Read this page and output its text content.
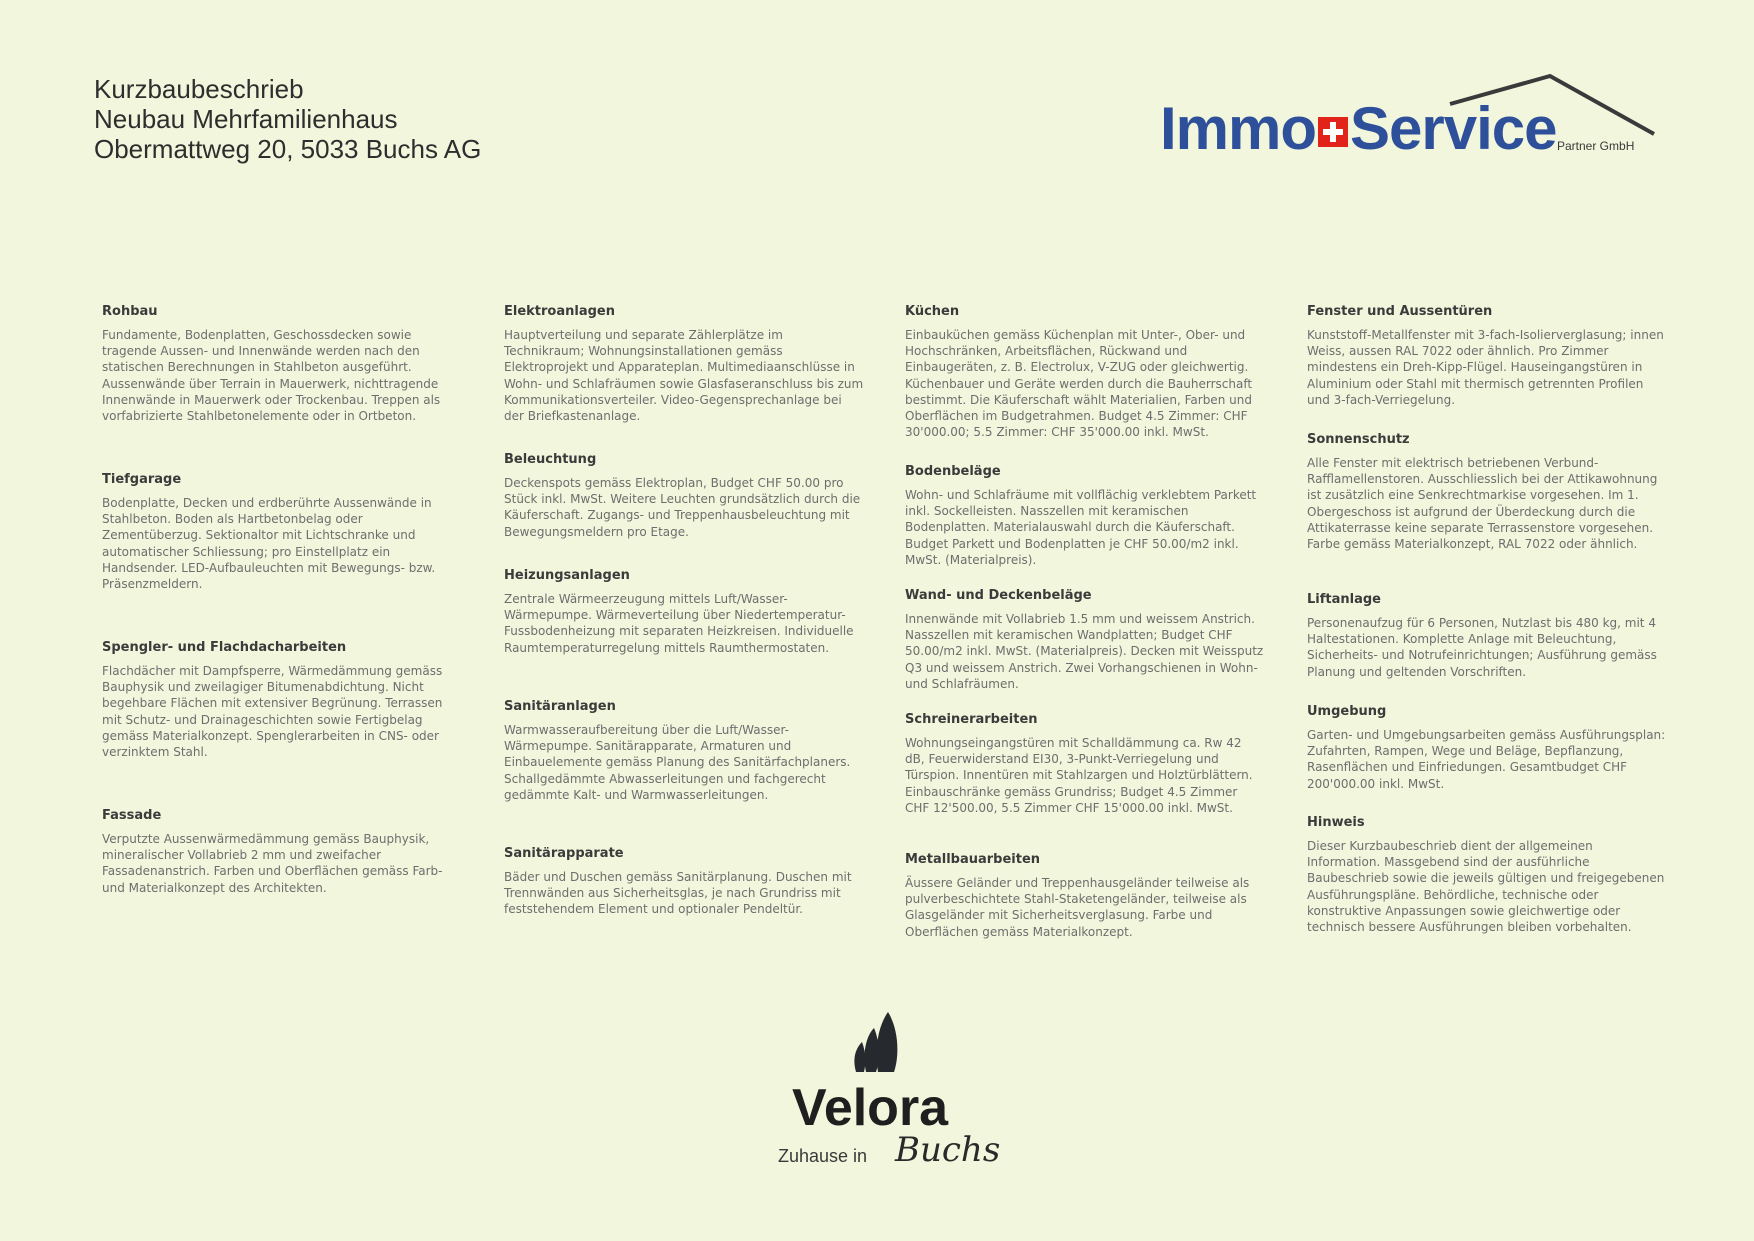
Kurzbaubeschrieb
Neubau Mehrfamilienhaus
Obermattweg 20, 5033 Buchs AG	Immo Service Partner GmbH
Rohbau

Fundamente, Bodenplatten, Geschossdecken sowie tragende Aussen- und Innenwände werden nach den statischen Berechnungen in Stahlbeton ausgeführt. Aussenwände über Terrain in Mauerwerk, nichttragende Innenwände in Mauerwerk oder Trockenbau. Treppen als vorfabrizierte Stahlbetonelemente oder in Ortbeton.

Tiefgarage

Bodenplatte, Decken und erdberührte Aussenwände in Stahlbeton. Boden als Hartbetonbelag oder Zementüberzug. Sektionaltor mit Lichtschranke und automatischer Schliessung; pro Einstellplatz ein Handsender. LED-Aufbauleuchten mit Bewegungs- bzw. Präsenzmeldern.

Spengler- und Flachdacharbeiten

Flachdächer mit Dampfsperre, Wärmedämmung gemäss Bauphysik und zweilagiger Bitumenabdichtung. Nicht begehbare Flächen mit extensiver Begrünung. Terrassen mit Schutz- und Drainageschichten sowie Fertigbelag gemäss Materialkonzept. Spenglerarbeiten in CNS- oder verzinktem Stahl.

Fassade

Verputzte Aussenwärmedämmung gemäss Bauphysik, mineralischer Vollabrieb 2 mm und zweifacher Fassadenanstrich. Farben und Oberflächen gemäss Farb- und Materialkonzept des Architekten.

Elektroanlagen

Hauptverteilung und separate Zählerplätze im Technikraum; Wohnungsinstallationen gemäss Elektroprojekt und Apparateplan. Multimediaanschlüsse in Wohn- und Schlafräumen sowie Glasfaseranschluss bis zum Kommunikationsverteiler. Video-Gegensprechanlage bei der Briefkastenanlage.

Beleuchtung

Deckenspots gemäss Elektroplan, Budget CHF 50.00 pro Stück inkl. MwSt. Weitere Leuchten grundsätzlich durch die Käuferschaft. Zugangs- und Treppenhausbeleuchtung mit Bewegungsmeldern pro Etage.

Heizungsanlagen

Zentrale Wärmeerzeugung mittels Luft/Wasser-Wärmepumpe. Wärmeverteilung über Niedertemperatur-Fussbodenheizung mit separaten Heizkreisen. Individuelle Raumtemperaturregelung mittels Raumthermostaten.

Sanitäranlagen

Warmwasseraufbereitung über die Luft/Wasser-Wärmepumpe. Sanitärapparate, Armaturen und Einbauelemente gemäss Planung des Sanitärfachplaners. Schallgedämmte Abwasserleitungen und fachgerecht gedämmte Kalt- und Warmwasserleitungen.

Sanitärapparate

Bäder und Duschen gemäss Sanitärplanung. Duschen mit Trennwänden aus Sicherheitsglas, je nach Grundriss mit feststehendem Element und optionaler Pendeltür.

Küchen

Einbauküchen gemäss Küchenplan mit Unter-, Ober- und Hochschränken, Arbeitsflächen, Rückwand und Einbaugeräten, z. B. Electrolux, V-ZUG oder gleichwertig. Küchenbauer und Geräte werden durch die Bauherrschaft bestimmt. Die Käuferschaft wählt Materialien, Farben und Oberflächen im Budgetrahmen. Budget 4.5 Zimmer: CHF 30'000.00; 5.5 Zimmer: CHF 35'000.00 inkl. MwSt.

Bodenbeläge

Wohn- und Schlafräume mit vollflächig verklebtem Parkett inkl. Sockelleisten. Nasszellen mit keramischen Bodenplatten. Materialauswahl durch die Käuferschaft. Budget Parkett und Bodenplatten je CHF 50.00/m2 inkl. MwSt. (Materialpreis).

Wand- und Deckenbeläge

Innenwände mit Vollabrieb 1.5 mm und weissem Anstrich. Nasszellen mit keramischen Wandplatten; Budget CHF 50.00/m2 inkl. MwSt. (Materialpreis). Decken mit Weissputz Q3 und weissem Anstrich. Zwei Vorhangschienen in Wohn- und Schlafräumen.

Schreinerarbeiten

Wohnungseingangstüren mit Schalldämmung ca. Rw 42 dB, Feuerwiderstand EI30, 3-Punkt-Verriegelung und Türspion. Innentüren mit Stahlzargen und Holztürblättern. Einbauschränke gemäss Grundriss; Budget 4.5 Zimmer CHF 12'500.00, 5.5 Zimmer CHF 15'000.00 inkl. MwSt.

Metallbauarbeiten

Äussere Geländer und Treppenhausgeländer teilweise als pulverbeschichtete Stahl-Staketengeländer, teilweise als Glasgeländer mit Sicherheitsverglasung. Farbe und Oberflächen gemäss Materialkonzept.

Fenster und Aussentüren

Kunststoff-Metallfenster mit 3-fach-Isolierverglasung; innen Weiss, aussen RAL 7022 oder ähnlich. Pro Zimmer mindestens ein Dreh-Kipp-Flügel. Hauseingangstüren in Aluminium oder Stahl mit thermisch getrennten Profilen und 3-fach-Verriegelung.

Sonnenschutz

Alle Fenster mit elektrisch betriebenen Verbund-Rafflamellenstoren. Ausschliesslich bei der Attikawohnung ist zusätzlich eine Senkrechtmarkise vorgesehen. Im 1. Obergeschoss ist aufgrund der Überdeckung durch die Attikaterrasse keine separate Terrassenstore vorgesehen. Farbe gemäss Materialkonzept, RAL 7022 oder ähnlich.

Liftanlage

Personenaufzug für 6 Personen, Nutzlast bis 480 kg, mit 4 Haltestationen. Komplette Anlage mit Beleuchtung, Sicherheits- und Notrufeinrichtungen; Ausführung gemäss Planung und geltenden Vorschriften.

Umgebung

Garten- und Umgebungsarbeiten gemäss Ausführungsplan: Zufahrten, Rampen, Wege und Beläge, Bepflanzung, Rasenflächen und Einfriedungen. Gesamtbudget CHF 200'000.00 inkl. MwSt.

Hinweis

Dieser Kurzbaubeschrieb dient der allgemeinen Information. Massgebend sind der ausführliche Baubeschrieb sowie die jeweils gültigen und freigegebenen Ausführungspläne. Behördliche, technische oder konstruktive Anpassungen sowie gleichwertige oder technisch bessere Ausführungen bleiben vorbehalten.

Velora
Zuhause in Buchs
